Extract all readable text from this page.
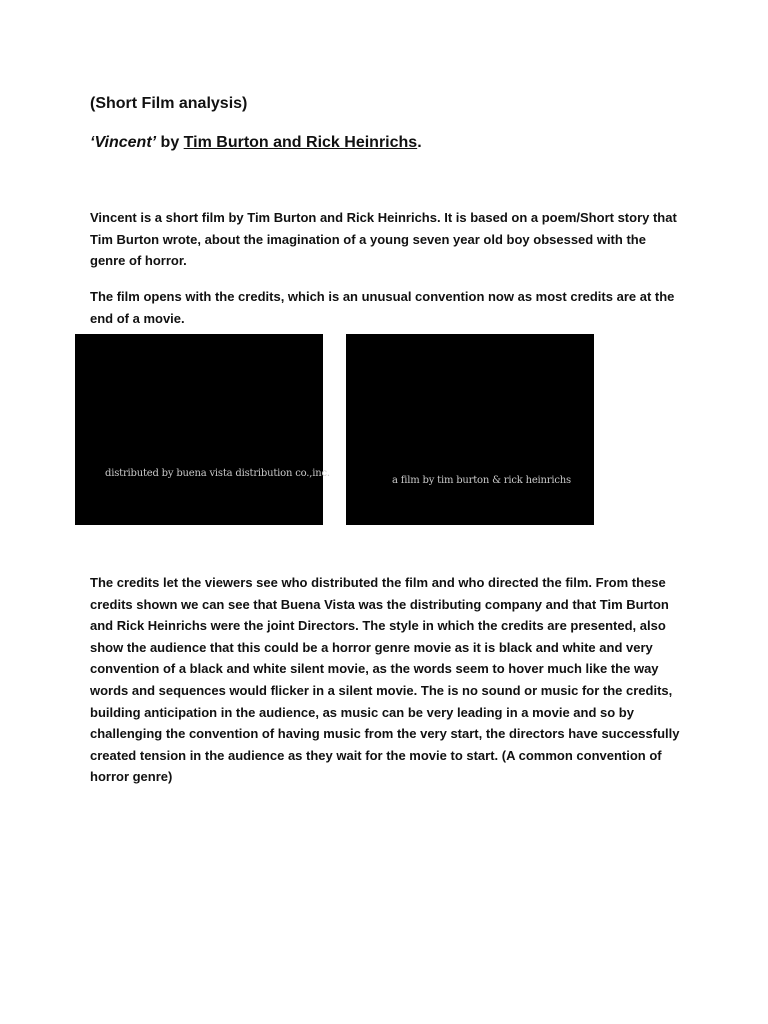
(Short Film analysis)
‘Vincent’ by Tim Burton and Rick Heinrichs.

Vincent is a short film by Tim Burton and Rick Heinrichs. It is based on a poem/Short story that Tim Burton wrote, about the imagination of a young seven year old boy obsessed with the genre of horror.

The film opens with the credits, which is an unusual convention now as most credits are at the end of a movie.

distributed by buena vista distribution co.,inc.
a film by tim burton & rick heinrichs

The credits let the viewers see who distributed the film and who directed the film. From these credits shown we can see that Buena Vista was the distributing company and that Tim Burton and Rick Heinrichs were the joint Directors. The style in which the credits are presented, also show the audience that this could be a horror genre movie as it is black and white and very convention of a black and white silent movie, as the words seem to hover much like the way words and sequences would flicker in a silent movie. The is no sound or music for the credits, building anticipation in the audience, as music can be very leading in a movie and so by challenging the convention of having music from the very start, the directors have successfully created tension in the audience as they wait for the movie to start. (A common convention of horror genre)
